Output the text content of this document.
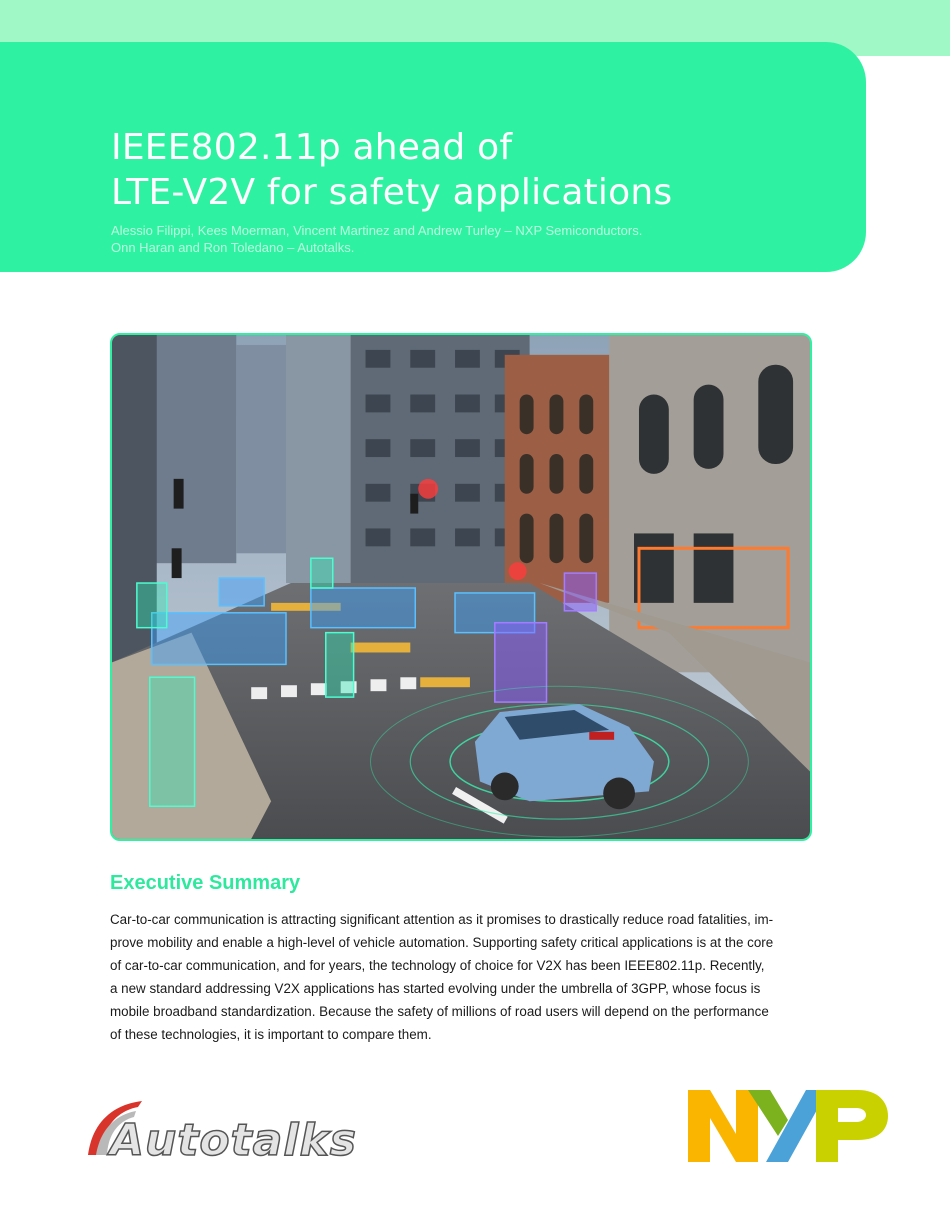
IEEE802.11p ahead of
LTE-V2V for safety applications
Alessio Filippi, Kees Moerman, Vincent Martinez and Andrew Turley – NXP Semiconductors.
Onn Haran and Ron Toledano – Autotalks.
Executive Summary

Car-to-car communication is attracting significant attention as it promises to drastically reduce road fatalities, im-
prove mobility and enable a high-level of vehicle automation. Supporting safety critical applications is at the core
of car-to-car communication, and for years, the technology of choice for V2X has been IEEE802.11p. Recently,
a new standard addressing V2X applications has started evolving under the umbrella of 3GPP, whose focus is
mobile broadband standardization. Because the safety of millions of road users will depend on the performance
of these technologies, it is important to compare them.

Autotalks
